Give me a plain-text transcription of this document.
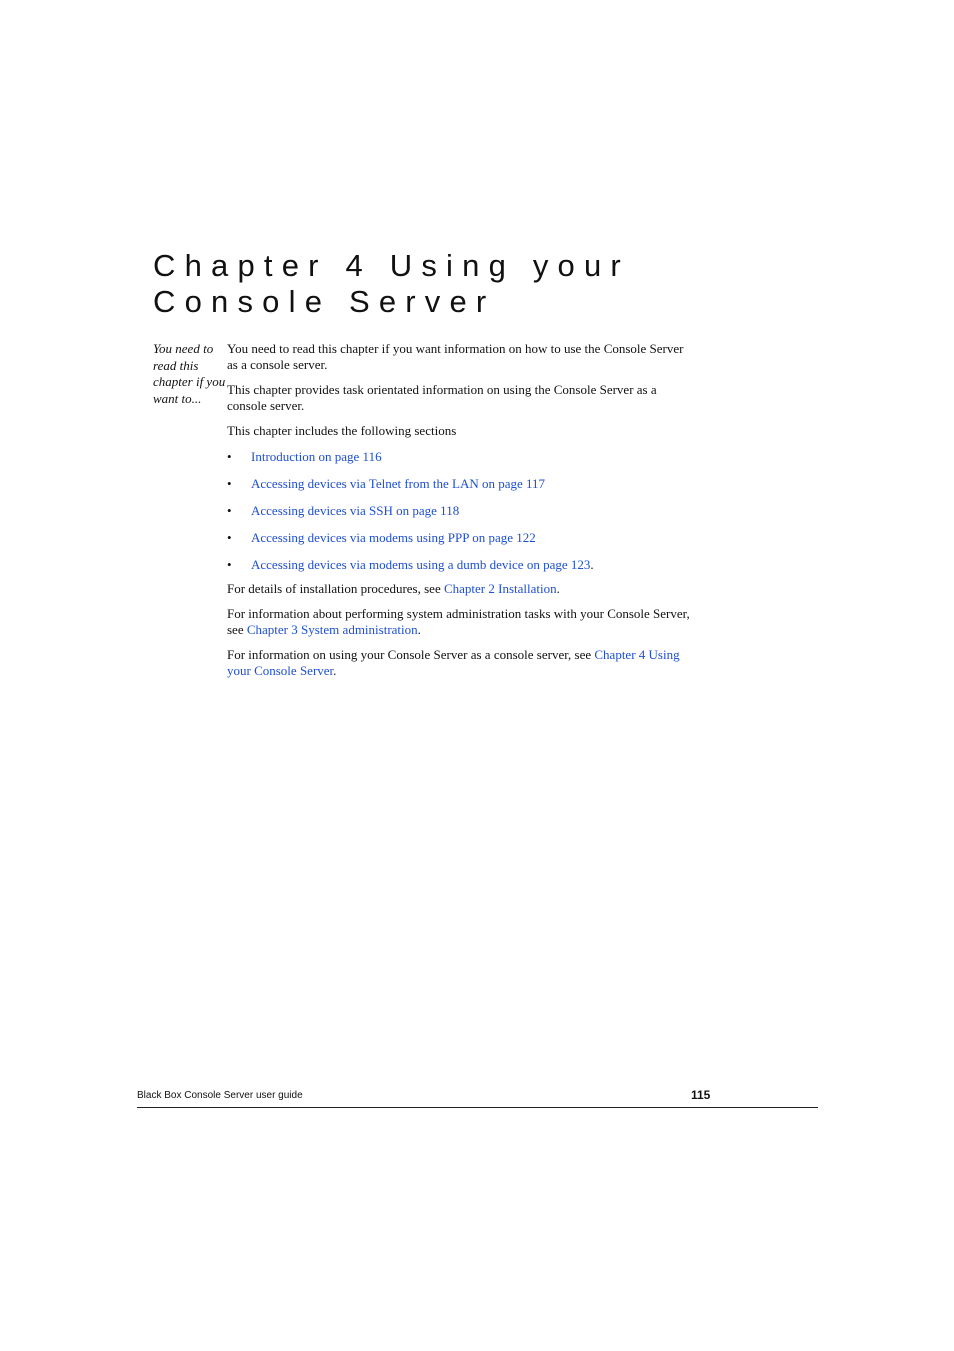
Chapter 4 Using your Console Server
You need to read this chapter if you want to...

You need to read this chapter if you want information on how to use the Console Server as a console server.

This chapter provides task orientated information on using the Console Server as a console server.

This chapter includes the following sections

• Introduction on page 116
• Accessing devices via Telnet from the LAN on page 117
• Accessing devices via SSH on page 118
• Accessing devices via modems using PPP on page 122
• Accessing devices via modems using a dumb device on page 123.

For details of installation procedures, see Chapter 2 Installation.

For information about performing system administration tasks with your Console Server, see Chapter 3 System administration.

For information on using your Console Server as a console server, see Chapter 4 Using your Console Server.

Black Box Console Server user guide	115
